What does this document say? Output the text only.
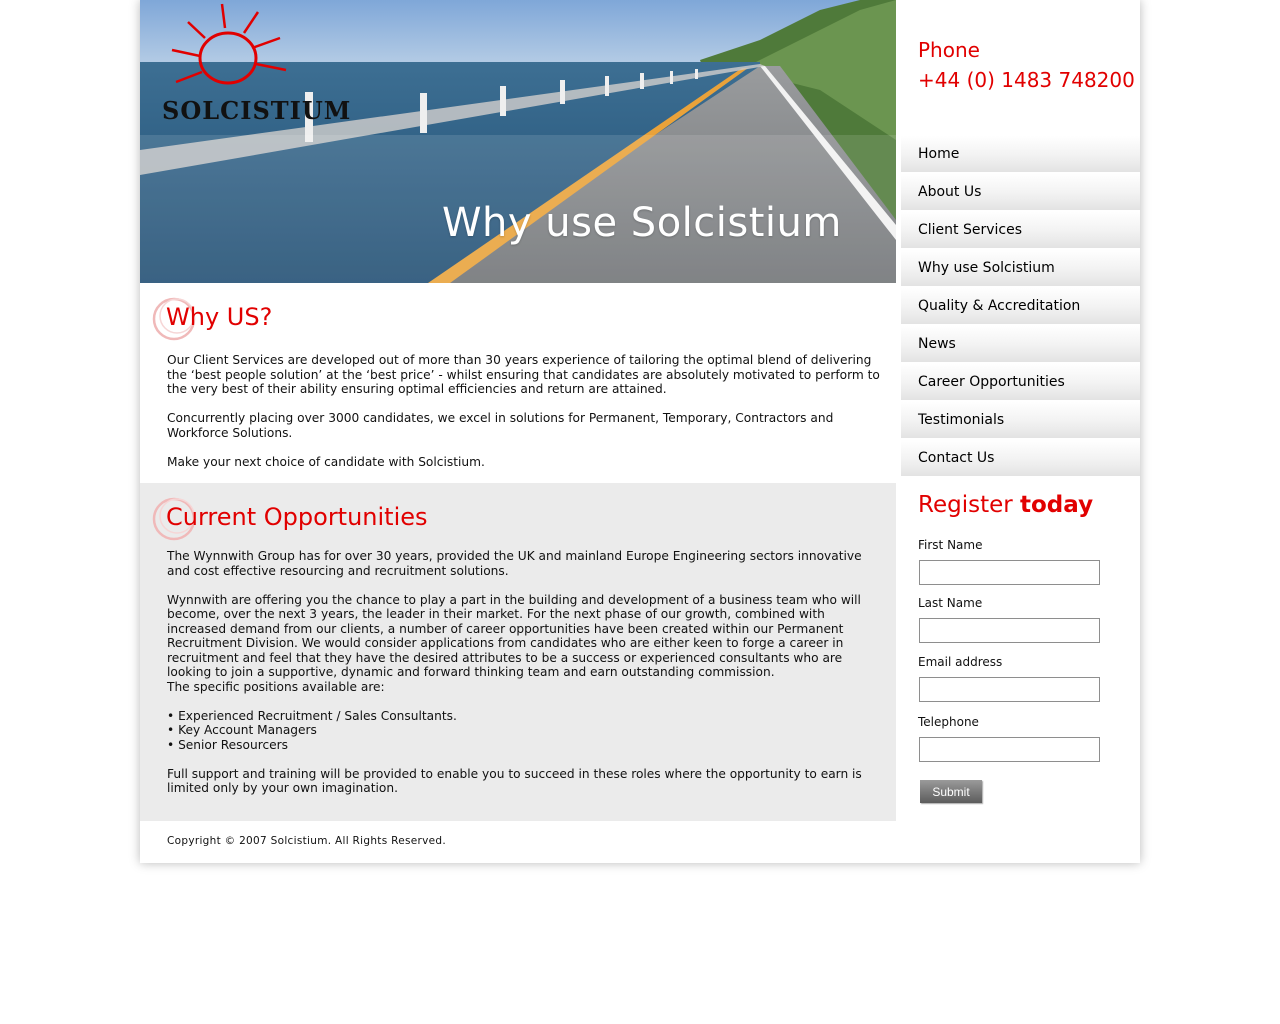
SOLCISTIUM
Why use Solcistium
Phone
+44 (0) 1483 748200
Home
About Us
Client Services
Why use Solcistium
Quality & Accreditation
News
Career Opportunities
Testimonials
Contact Us
Register today
First Name
Last Name
Email address
Telephone
Submit
Why US?

Our Client Services are developed out of more than 30 years experience of tailoring the optimal blend of delivering the ‘best people solution’ at the ‘best price’ - whilst ensuring that candidates are absolutely motivated to perform to the very best of their ability ensuring optimal efficiencies and return are attained.

Concurrently placing over 3000 candidates, we excel in solutions for Permanent, Temporary, Contractors and Workforce Solutions.

Make your next choice of candidate with Solcistium.

Current Opportunities

The Wynnwith Group has for over 30 years, provided the UK and mainland Europe Engineering sectors innovative and cost effective resourcing and recruitment solutions.

Wynnwith are offering you the chance to play a part in the building and development of a business team who will become, over the next 3 years, the leader in their market. For the next phase of our growth, combined with increased demand from our clients, a number of career opportunities have been created within our Permanent Recruitment Division. We would consider applications from candidates who are either keen to forge a career in recruitment and feel that they have the desired attributes to be a success or experienced consultants who are looking to join a supportive, dynamic and forward thinking team and earn outstanding commission.

The specific positions available are:

• Experienced Recruitment / Sales Consultants.

• Key Account Managers

• Senior Resourcers

Full support and training will be provided to enable you to succeed in these roles where the opportunity to earn is limited only by your own imagination.

Copyright © 2007 Solcistium. All Rights Reserved.
